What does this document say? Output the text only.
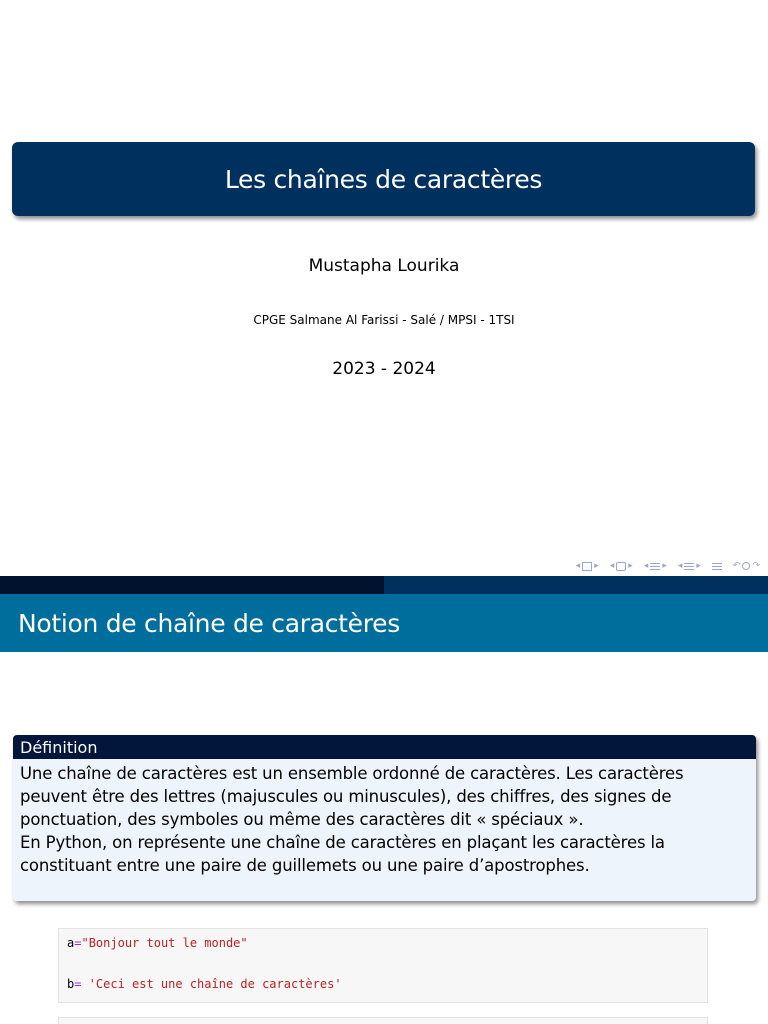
Les chaînes de caractères
Mustapha Lourika
CPGE Salmane Al Farissi - Salé / MPSI - 1TSI
2023 - 2024
◂ ▸ ◂ ▸ ◂ ▸ ◂ ▸	↶ ↷
Notion de chaîne de caractères
Définition
Une chaîne de caractères est un ensemble ordonné de caractères. Les caractères
peuvent être des lettres (majuscules ou minuscules), des chiffres, des signes de
ponctuation, des symboles ou même des caractères dit « spéciaux ».
En Python, on représente une chaîne de caractères en plaçant les caractères la
constituant entre une paire de guillemets ou une paire d’apostrophes.
a="Bonjour tout le monde"
b= 'Ceci est une chaîne de caractères'
